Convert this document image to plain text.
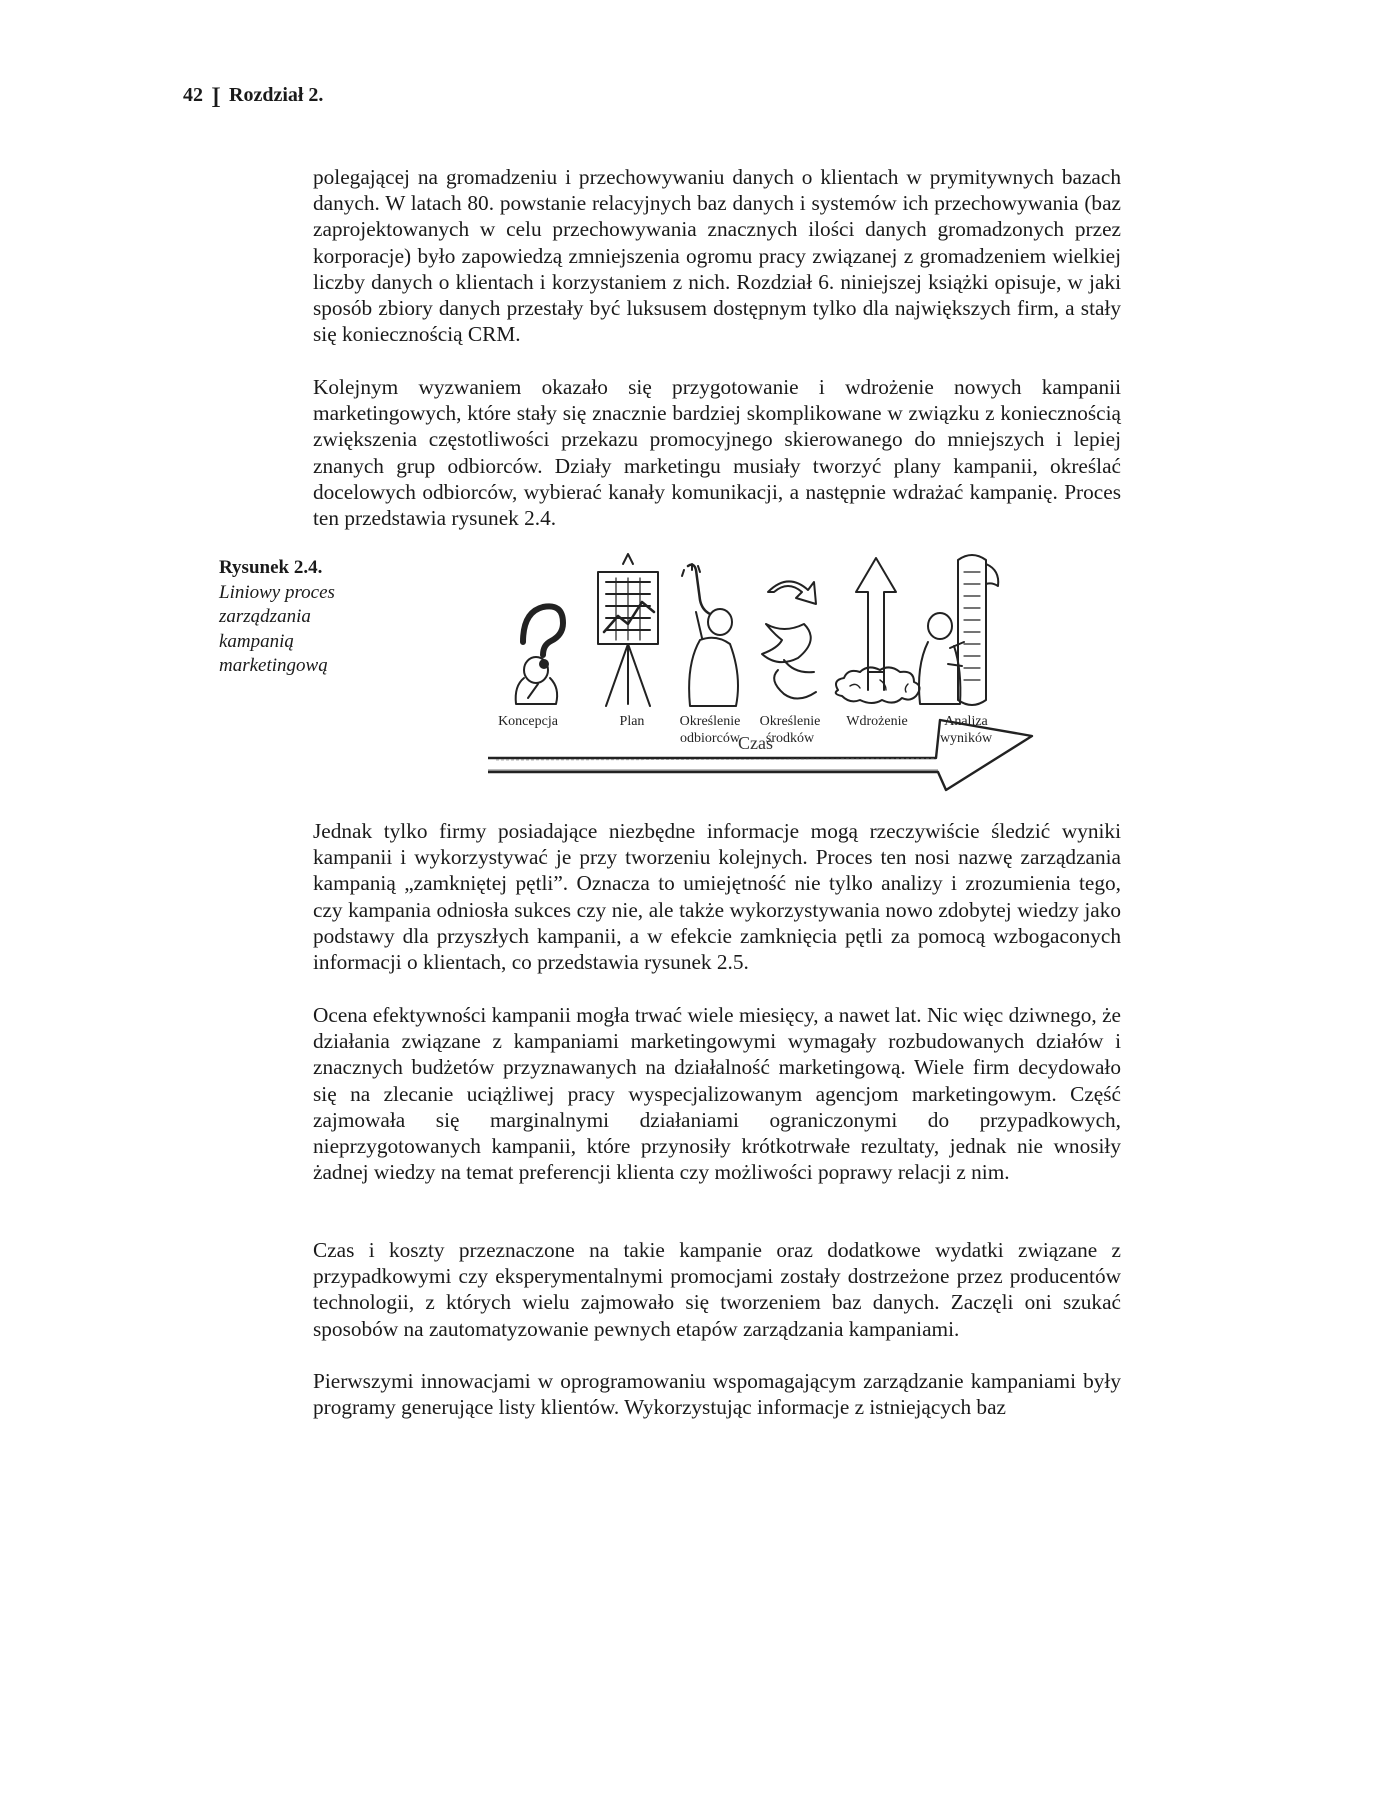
42 I Rozdział 2.

polegającej na gromadzeniu i przechowywaniu danych o klientach w prymitywnych bazach danych. W latach 80. powstanie relacyjnych baz danych i systemów ich przechowywania (baz zaprojektowanych w celu przechowywania znacznych ilości danych gromadzonych przez korporacje) było zapowiedzą zmniejszenia ogromu pracy związanej z gromadzeniem wielkiej liczby danych o klientach i korzystaniem z nich. Rozdział 6. niniejszej książki opisuje, w jaki sposób zbiory danych przestały być luksusem dostępnym tylko dla największych firm, a stały się koniecznością CRM.

Kolejnym wyzwaniem okazało się przygotowanie i wdrożenie nowych kampanii marketingowych, które stały się znacznie bardziej skomplikowane w związku z koniecznością zwiększenia częstotliwości przekazu promocyjnego skierowanego do mniejszych i lepiej znanych grup odbiorców. Działy marketingu musiały tworzyć plany kampanii, określać docelowych odbiorców, wybierać kanały komunikacji, a następnie wdrażać kampanię. Proces ten przedstawia rysunek 2.4.

Rysunek 2.4.
Liniowy proces zarządzania kampanią marketingową
Koncepcja	Plan	Określenie
odbiorców
Określenie
środków
Wdrożenie	Analiza
wyników
Czas

Jednak tylko firmy posiadające niezbędne informacje mogą rzeczywiście śledzić wyniki kampanii i wykorzystywać je przy tworzeniu kolejnych. Proces ten nosi nazwę zarządzania kampanią „zamkniętej pętli”. Oznacza to umiejętność nie tylko analizy i zrozumienia tego, czy kampania odniosła sukces czy nie, ale także wykorzystywania nowo zdobytej wiedzy jako podstawy dla przyszłych kampanii, a w efekcie zamknięcia pętli za pomocą wzbogaconych informacji o klientach, co przedstawia rysunek 2.5.

Ocena efektywności kampanii mogła trwać wiele miesięcy, a nawet lat. Nic więc dziwnego, że działania związane z kampaniami marketingowymi wymagały rozbudowanych działów i znacznych budżetów przyznawanych na działalność marketingową. Wiele firm decydowało się na zlecanie uciążliwej pracy wyspecjalizowanym agencjom marketingowym. Część zajmowała się marginalnymi działaniami ograniczonymi do przypadkowych, nieprzygotowanych kampanii, które przynosiły krótkotrwałe rezultaty, jednak nie wnosiły żadnej wiedzy na temat preferencji klienta czy możliwości poprawy relacji z nim.

Czas i koszty przeznaczone na takie kampanie oraz dodatkowe wydatki związane z przypadkowymi czy eksperymentalnymi promocjami zostały dostrzeżone przez producentów technologii, z których wielu zajmowało się tworzeniem baz danych. Zaczęli oni szukać sposobów na zautomatyzowanie pewnych etapów zarządzania kampaniami.

Pierwszymi innowacjami w oprogramowaniu wspomagającym zarządzanie kampaniami były programy generujące listy klientów. Wykorzystując informacje z istniejących baz
